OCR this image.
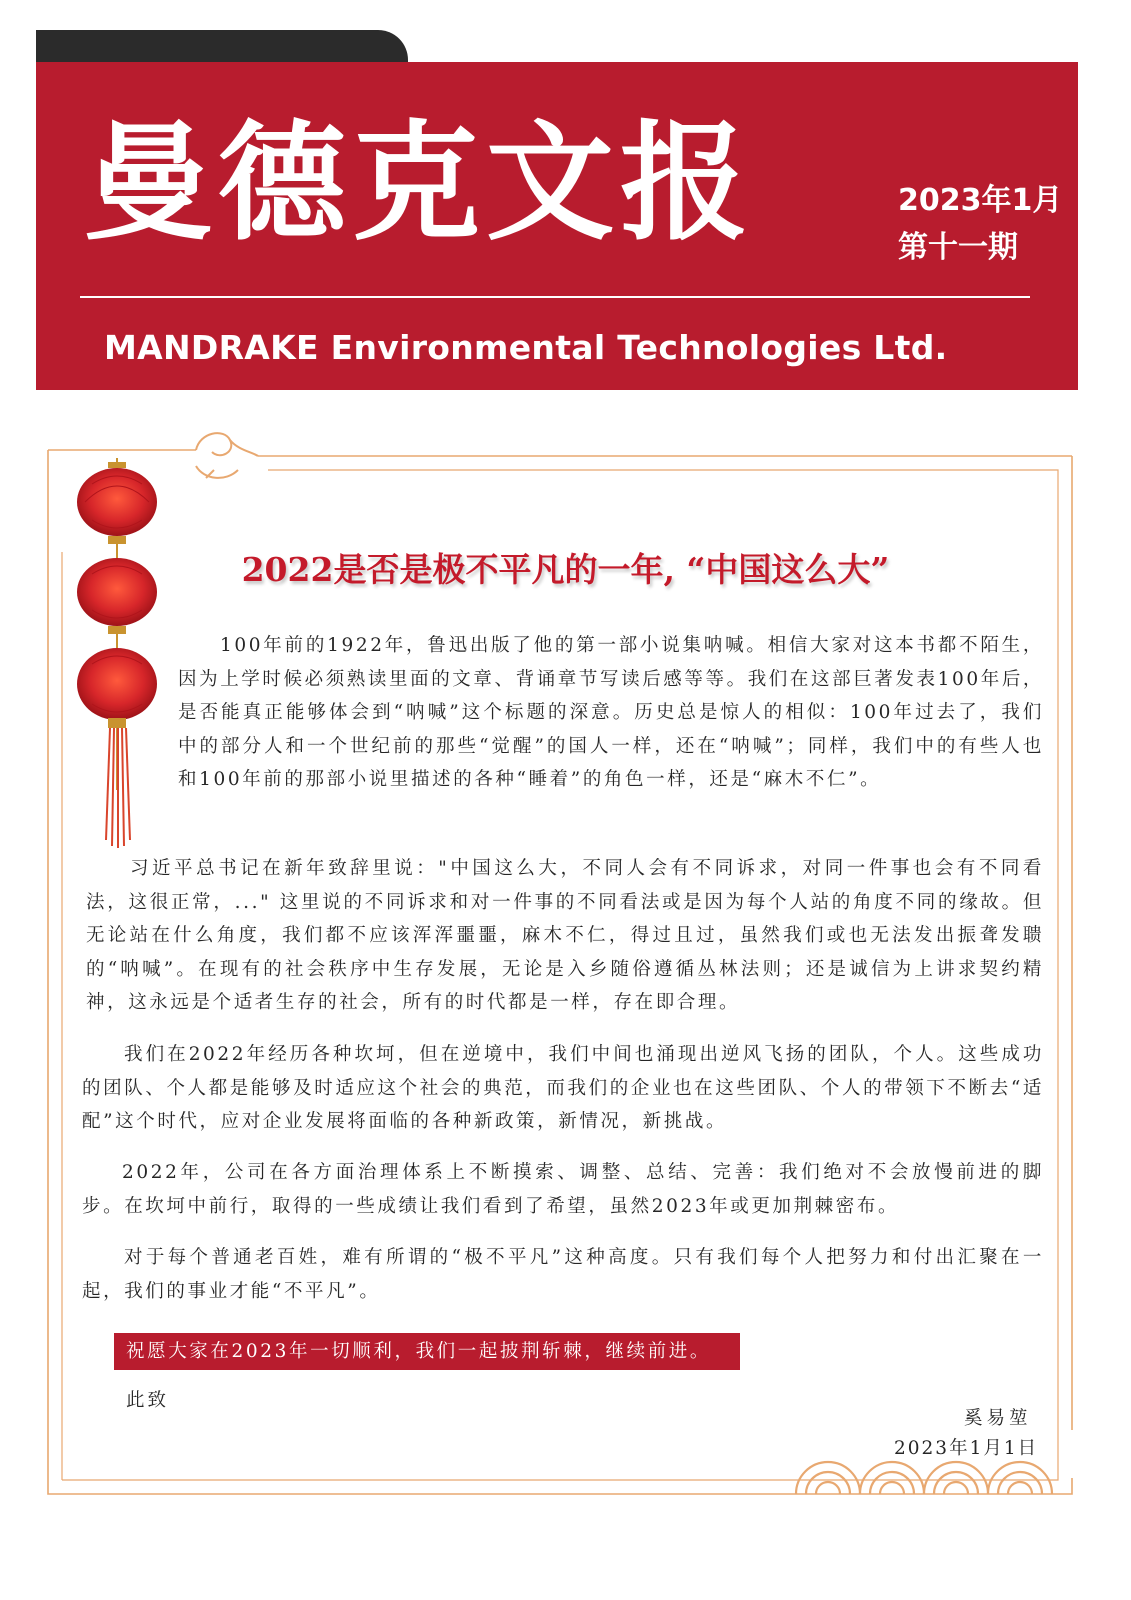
曼德克文报	2023年1月
第十一期
MANDRAKE Environmental Technologies Ltd.
2022是否是极不平凡的一年, “中国这么大”

100年前的1922年，鲁迅出版了他的第一部小说集呐喊。相信大家对这本书都不陌生，因为上学时候必须熟读里面的文章、背诵章节写读后感等等。我们在这部巨著发表100年后，是否能真正能够体会到“呐喊”这个标题的深意。历史总是惊人的相似：100年过去了，我们中的部分人和一个世纪前的那些“觉醒”的国人一样，还在“呐喊”；同样，我们中的有些人也和100年前的那部小说里描述的各种“睡着”的角色一样，还是“麻木不仁”。

习近平总书记在新年致辞里说："中国这么大，不同人会有不同诉求，对同一件事也会有不同看法，这很正常，..." 这里说的不同诉求和对一件事的不同看法或是因为每个人站的角度不同的缘故。但无论站在什么角度，我们都不应该浑浑噩噩，麻木不仁，得过且过，虽然我们或也无法发出振聋发聩的“呐喊”。在现有的社会秩序中生存发展，无论是入乡随俗遵循丛林法则；还是诚信为上讲求契约精神，这永远是个适者生存的社会，所有的时代都是一样，存在即合理。

我们在2022年经历各种坎坷，但在逆境中，我们中间也涌现出逆风飞扬的团队，个人。这些成功的团队、个人都是能够及时适应这个社会的典范，而我们的企业也在这些团队、个人的带领下不断去“适配”这个时代，应对企业发展将面临的各种新政策，新情况，新挑战。

2022年，公司在各方面治理体系上不断摸索、调整、总结、完善：我们绝对不会放慢前进的脚步。在坎坷中前行，取得的一些成绩让我们看到了希望，虽然2023年或更加荆棘密布。

对于每个普通老百姓，难有所谓的“极不平凡”这种高度。只有我们每个人把努力和付出汇聚在一起，我们的事业才能“不平凡”。

祝愿大家在2023年一切顺利，我们一起披荆斩棘，继续前进。
此致
奚易堃
2023年1月1日
